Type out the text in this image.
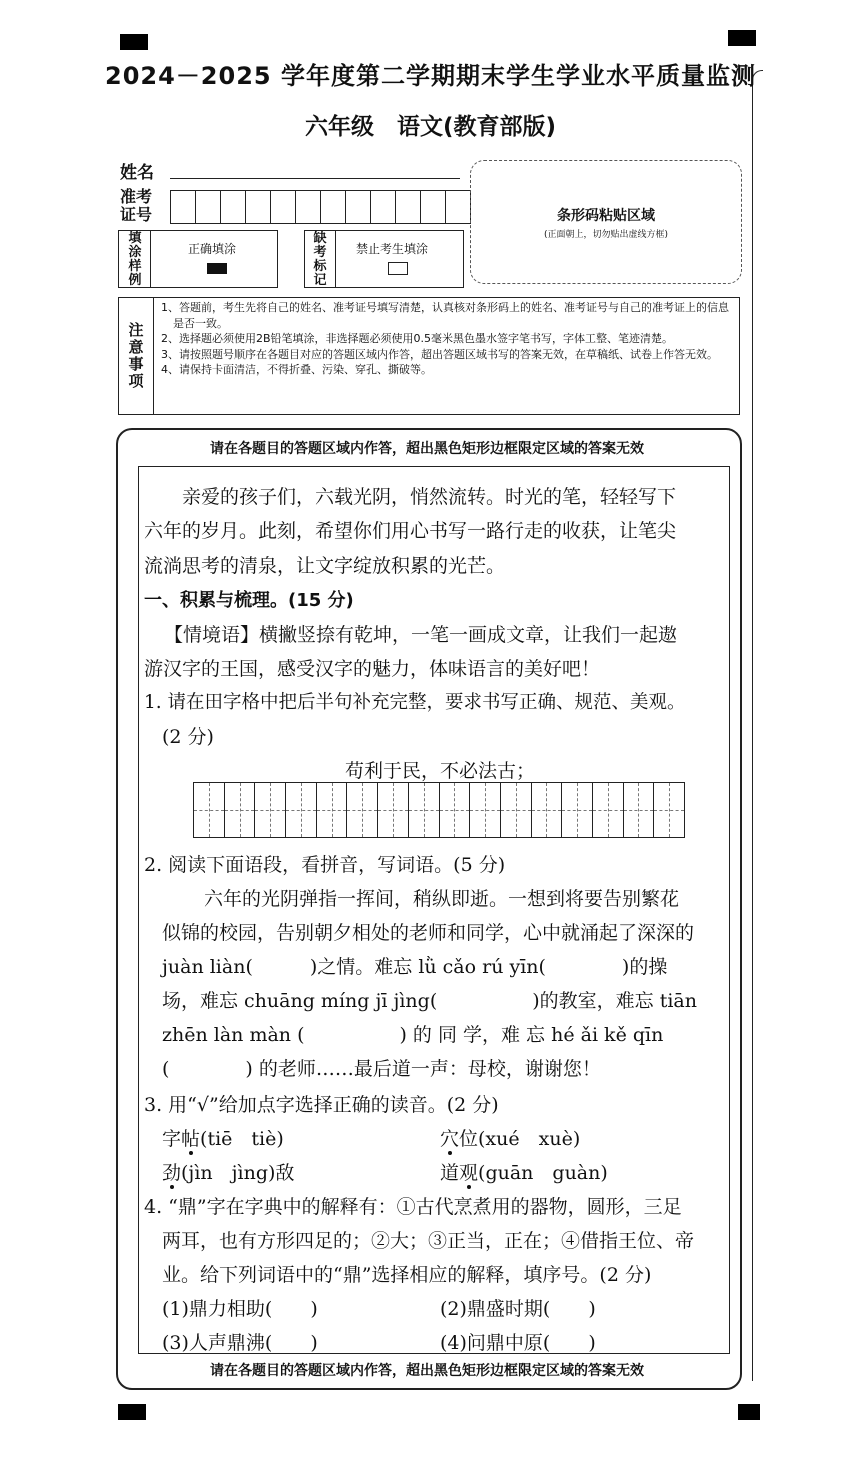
2024－2025 学年度第二学期期末学生学业水平质量监测
六年级　语文(教育部版)
姓名
准考证号
填涂样例
正确填涂
缺考标记
禁止考生填涂
条形码粘贴区域
(正面朝上，切勿贴出虚线方框)
注意事项
1、答题前，考生先将自己的姓名、准考证号填写清楚，认真核对条形码上的姓名、准考证号与自己的准考证上的信息是否一致。
2、选择题必须使用2B铅笔填涂，非选择题必须使用0.5毫米黑色墨水签字笔书写，字体工整、笔迹清楚。
3、请按照题号顺序在各题目对应的答题区域内作答，超出答题区域书写的答案无效，在草稿纸、试卷上作答无效。
4、请保持卡面清洁，不得折叠、污染、穿孔、撕破等。
请在各题目的答题区域内作答，超出黑色矩形边框限定区域的答案无效
请在各题目的答题区域内作答，超出黑色矩形边框限定区域的答案无效
亲爱的孩子们，六载光阴，悄然流转。时光的笔，轻轻写下
六年的岁月。此刻，希望你们用心书写一路行走的收获，让笔尖
流淌思考的清泉，让文字绽放积累的光芒。
一、积累与梳理。(15 分)
【情境语】横撇竖捺有乾坤，一笔一画成文章，让我们一起遨
游汉字的王国，感受汉字的魅力，体味语言的美好吧！
1. 请在田字格中把后半句补充完整，要求书写正确、规范、美观。
(2 分)
苟利于民，不必法古；
2. 阅读下面语段，看拼音，写词语。(5 分)
六年的光阴弹指一挥间，稍纵即逝。一想到将要告别繁花
似锦的校园，告别朝夕相处的老师和同学，心中就涌起了深深的
juàn liàn(　　　)之情。难忘 lǜ cǎo rú yīn(　　　　)的操
场，难忘 chuāng míng jī jìng(　　　　　)的教室，难忘 tiān
zhēn làn màn (　　　　　) 的 同 学，难 忘 hé ǎi kě qīn
(　　　　) 的老师……最后道一声：母校，谢谢您！
3. 用“√”给加点字选择正确的读音。(2 分)
字帖(tiē　tiè)	穴位(xué　xuè)
劲(jìn　jìng)敌	道观(guān　guàn)
4. “鼎”字在字典中的解释有：①古代烹煮用的器物，圆形，三足
两耳，也有方形四足的；②大；③正当，正在；④借指王位、帝
业。给下列词语中的“鼎”选择相应的解释，填序号。(2 分)
(1)鼎力相助(　　)	(2)鼎盛时期(　　)
(3)人声鼎沸(　　)	(4)问鼎中原(　　)
